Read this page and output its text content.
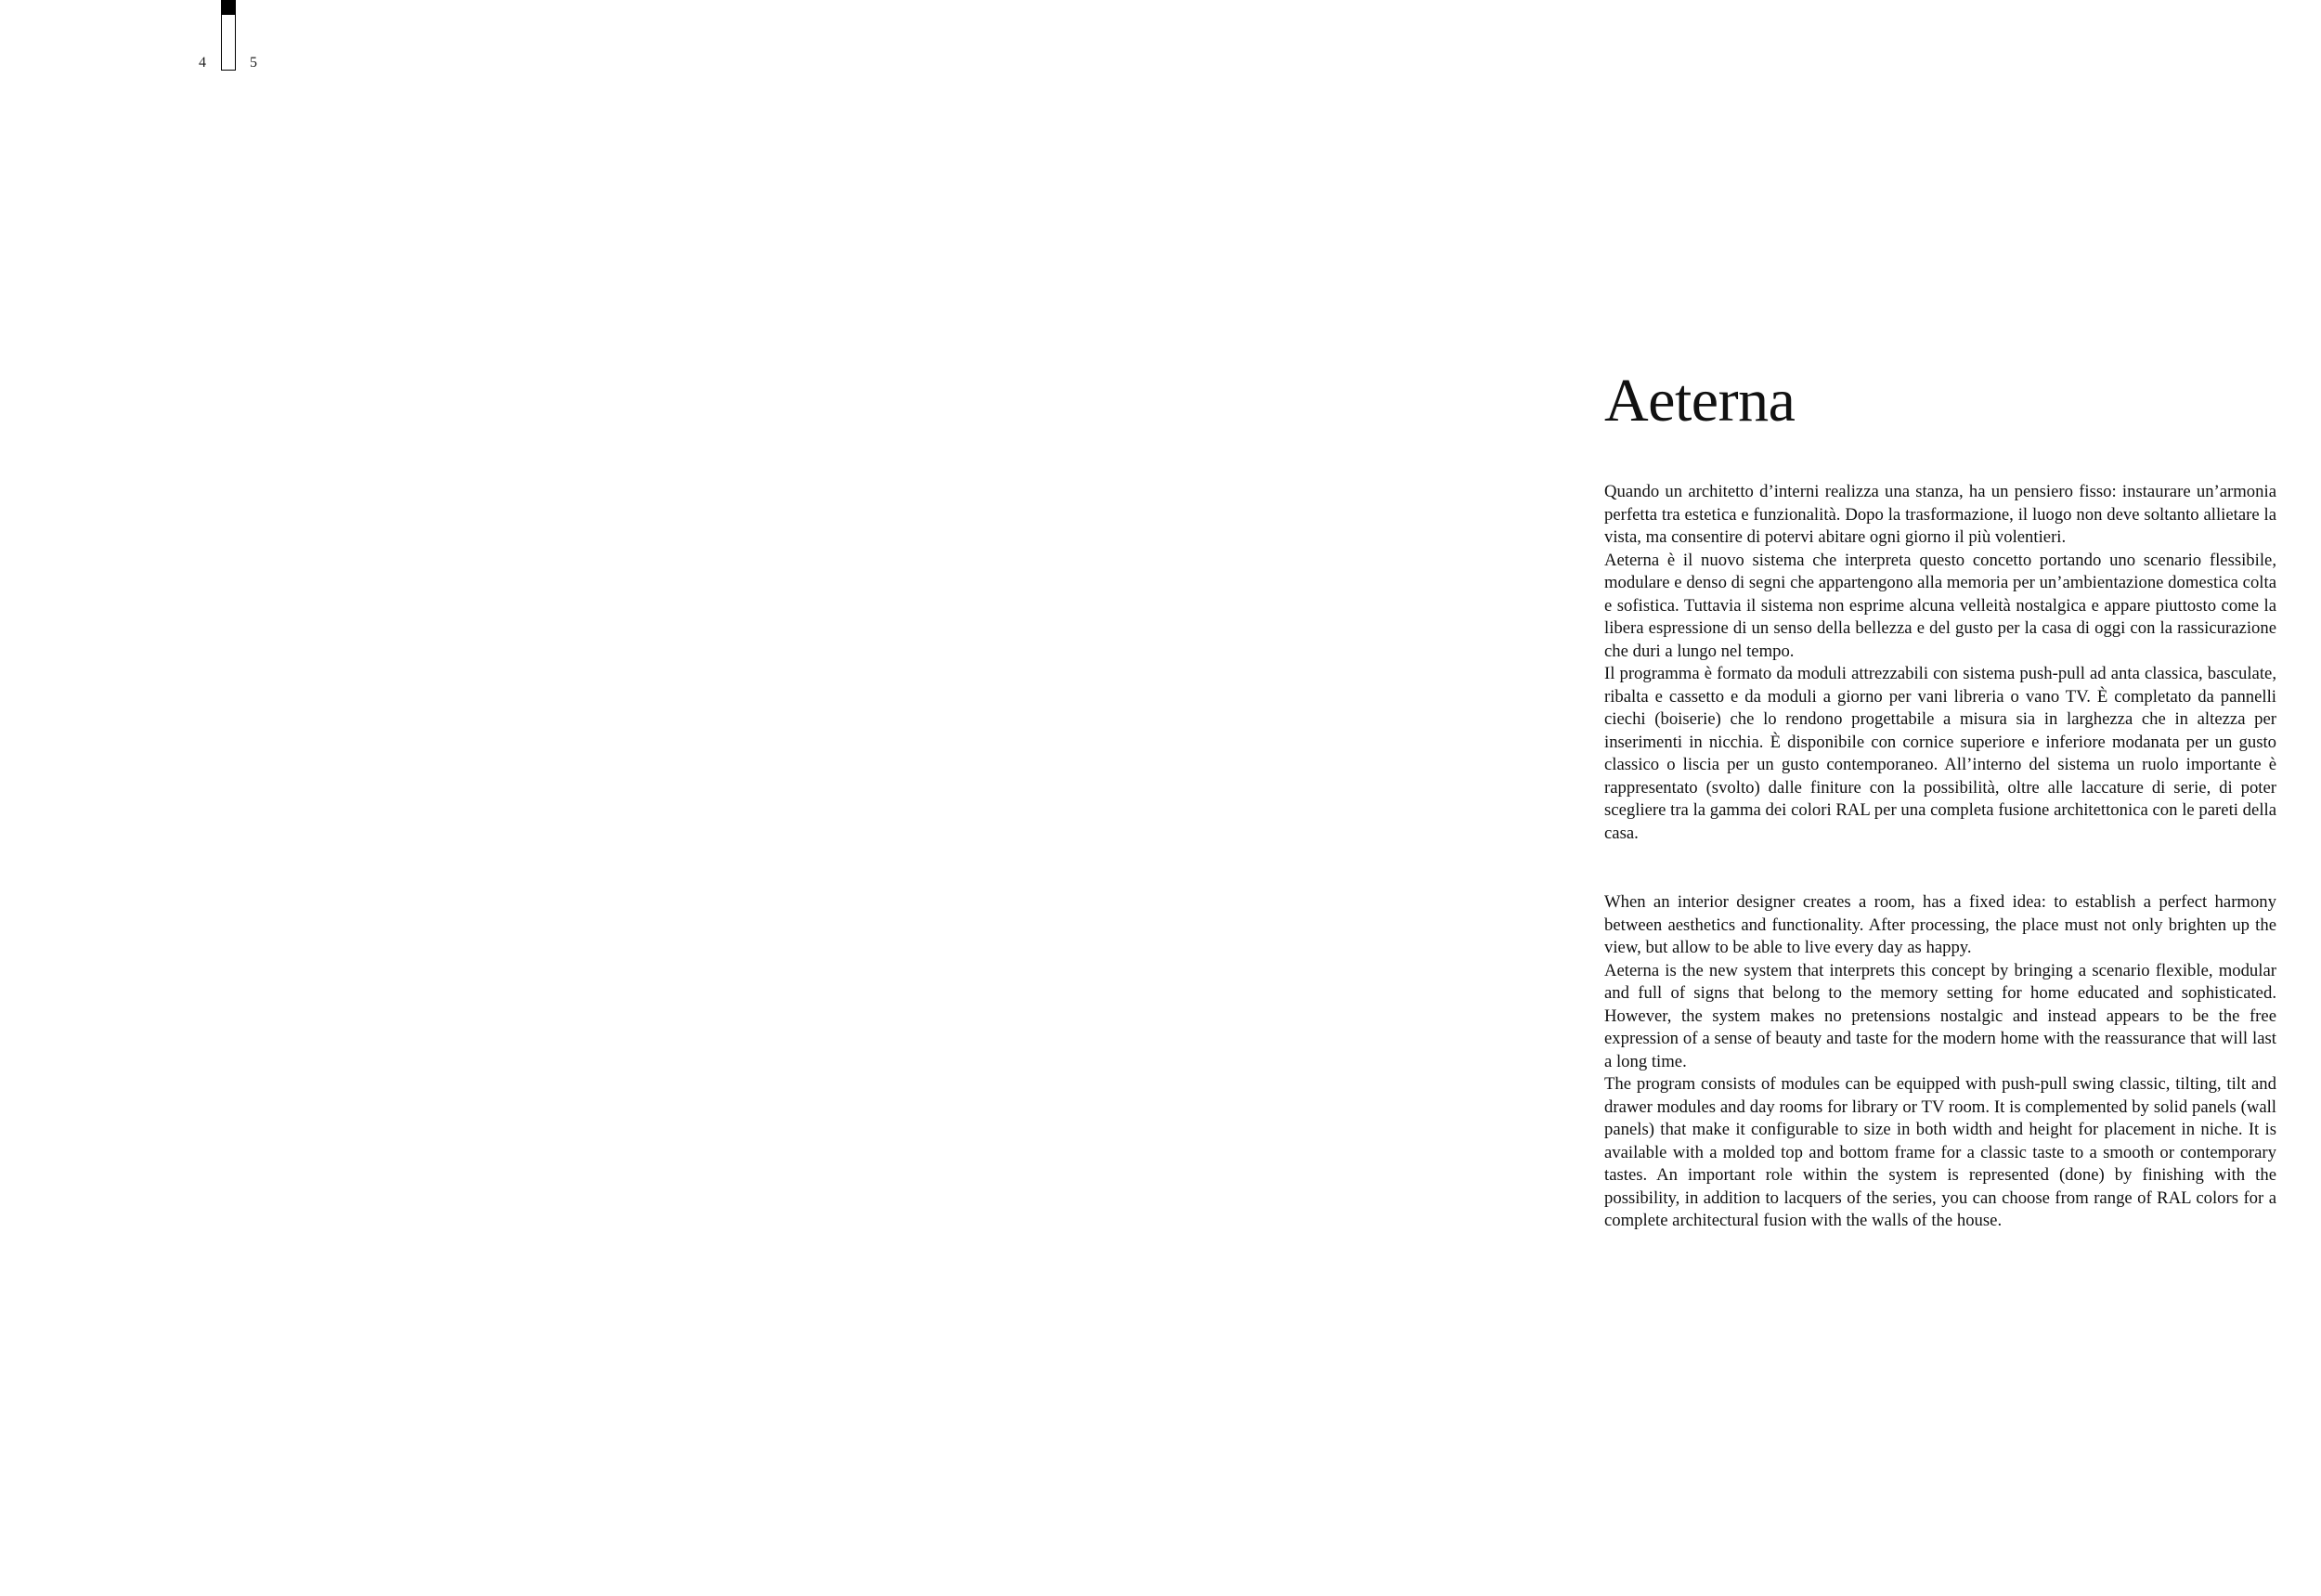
4	5
Aeterna

Quando un architetto d’interni realizza una stanza, ha un pensiero fisso: instaurare un’armonia perfetta tra estetica e funzionalità. Dopo la trasformazione, il luogo non deve soltanto allietare la vista, ma consentire di potervi abitare ogni giorno il più volentieri.

Aeterna è il nuovo sistema che interpreta questo concetto portando uno scenario flessibile, modulare e denso di segni che appartengono alla memoria per un’ambientazione domestica colta e sofistica. Tuttavia il sistema non esprime alcuna velleità nostalgica e appare piuttosto come la libera espressione di un senso della bellezza e del gusto per la casa di oggi con la rassicurazione che duri a lungo nel tempo.

Il programma è formato da moduli attrezzabili con sistema push-pull ad anta classica, basculate, ribalta e cassetto e da moduli a giorno per vani libreria o vano TV. È completato da pannelli ciechi (boiserie) che lo rendono progettabile a misura sia in larghezza che in altezza per inserimenti in nicchia. È disponibile con cornice superiore e inferiore modanata per un gusto classico o liscia per un gusto contemporaneo. All’interno del sistema un ruolo importante è rappresentato (svolto) dalle finiture con la possibilità, oltre alle laccature di serie, di poter scegliere tra la gamma dei colori RAL per una completa fusione architettonica con le pareti della casa.

When an interior designer creates a room, has a fixed idea: to establish a perfect harmony between aesthetics and functionality. After processing, the place must not only brighten up the view, but allow to be able to live every day as happy.

Aeterna is the new system that interprets this concept by bringing a scenario flexible, modular and full of signs that belong to the memory setting for home educated and sophisticated. However, the system makes no pretensions nostalgic and instead appears to be the free expression of a sense of beauty and taste for the modern home with the reassurance that will last a long time.

The program consists of modules can be equipped with push-pull swing classic, tilting, tilt and drawer modules and day rooms for library or TV room. It is complemented by solid panels (wall panels) that make it configurable to size in both width and height for placement in niche. It is available with a molded top and bottom frame for a classic taste to a smooth or contemporary tastes. An important role within the system is represented (done) by finishing with the possibility, in addition to lacquers of the series, you can choose from range of RAL colors for a complete architectural fusion with the walls of the house.
